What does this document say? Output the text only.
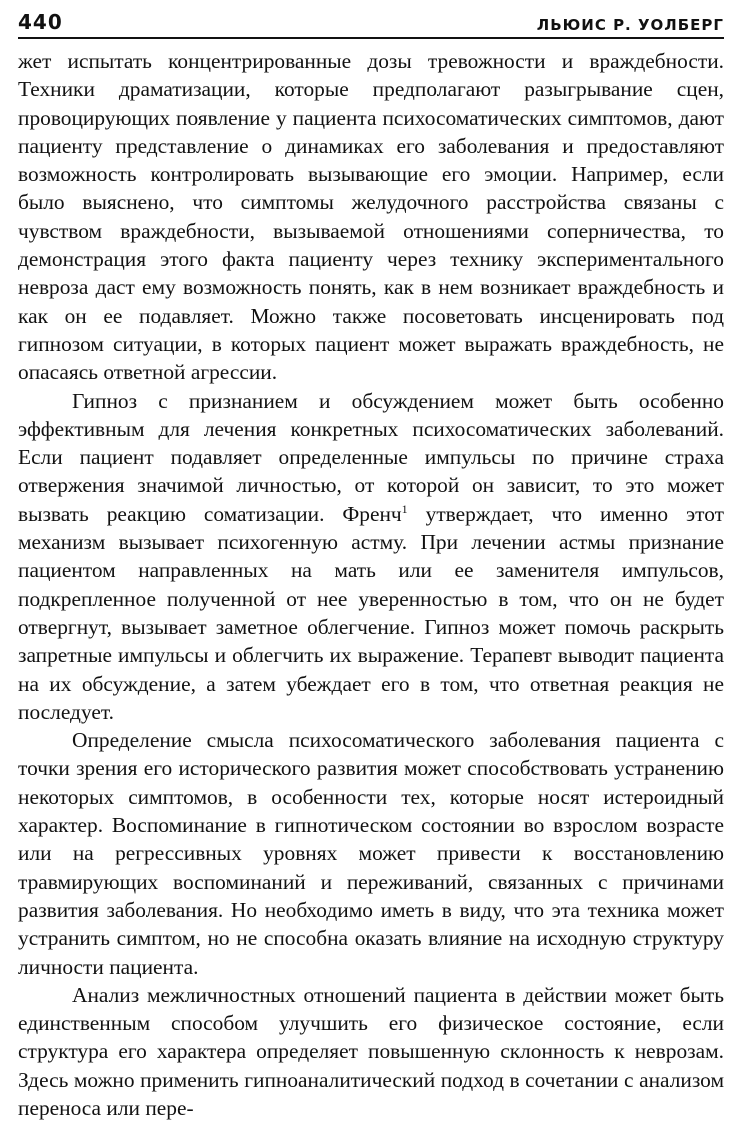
440	ЛЬЮИС Р. УОЛБЕРГ

жет испытать концентрированные дозы тревожности и враждебности. Техники драматизации, которые предполагают разыгрывание сцен, провоцирующих появление у пациента психосоматических симптомов, дают пациенту представление о динамиках его заболевания и предоставляют возможность контролировать вызывающие его эмоции. Например, если было выяснено, что симптомы желудочного расстройства связаны с чувством враждебности, вызываемой отношениями соперничества, то демонстрация этого факта пациенту через технику экспериментального невроза даст ему возможность понять, как в нем возникает враждебность и как он ее подавляет. Можно также посоветовать инсценировать под гипнозом ситуации, в которых пациент может выражать враждебность, не опасаясь ответной агрессии.

Гипноз с признанием и обсуждением может быть особенно эффективным для лечения конкретных психосоматических заболеваний. Если пациент подавляет определенные импульсы по причине страха отвержения значимой личностью, от которой он зависит, то это может вызвать реакцию соматизации. Френч$^1$ утверждает, что именно этот механизм вызывает психогенную астму. При лечении астмы признание пациентом направленных на мать или ее заменителя импульсов, подкрепленное полученной от нее уверенностью в том, что он не будет отвергнут, вызывает заметное облегчение. Гипноз может помочь раскрыть запретные импульсы и облегчить их выражение. Терапевт выводит пациента на их обсуждение, а затем убеждает его в том, что ответная реакция не последует.

Определение смысла психосоматического заболевания пациента с точки зрения его исторического развития может способствовать устранению некоторых симптомов, в особенности тех, которые носят истероидный характер. Воспоминание в гипнотическом состоянии во взрослом возрасте или на регрессивных уровнях может привести к восстановлению травмирующих воспоминаний и переживаний, связанных с причинами развития заболевания. Но необходимо иметь в виду, что эта техника может устранить симптом, но не способна оказать влияние на исходную структуру личности пациента.

Анализ межличностных отношений пациента в действии может быть единственным способом улучшить его физическое состояние, если структура его характера определяет повышенную склонность к неврозам. Здесь можно применить гипноаналитический подход в сочетании с анализом переноса или пере-
